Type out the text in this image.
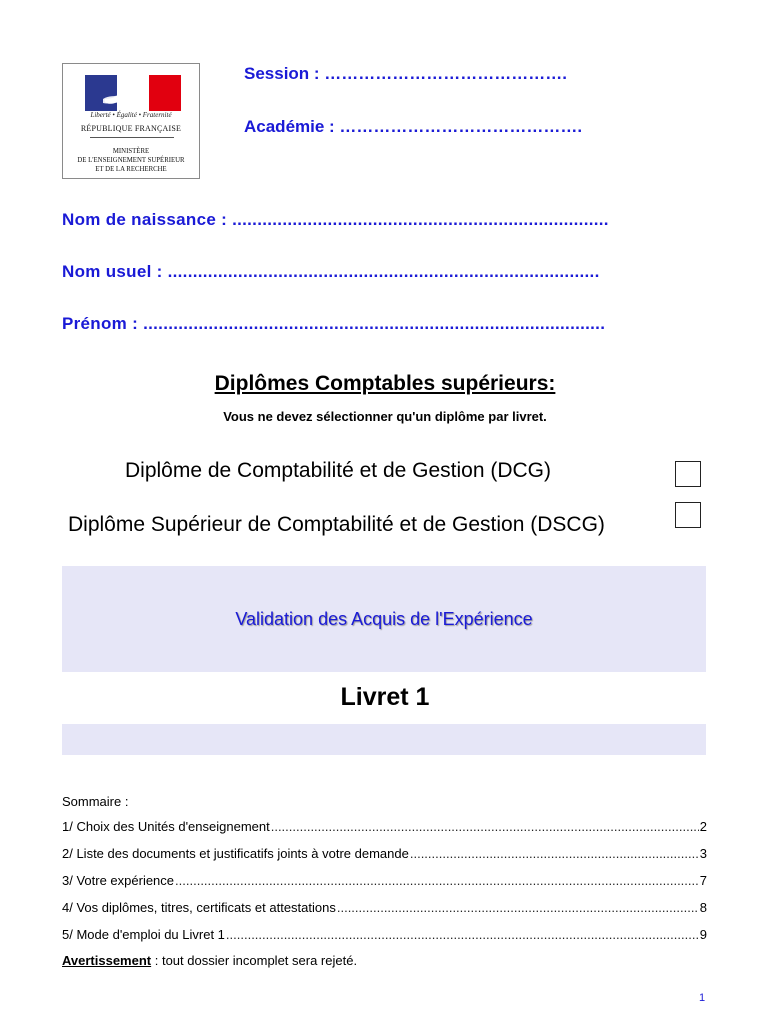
Liberté • Égalité • Fraternité
RÉPUBLIQUE FRANÇAISE
MINISTÈRE
DE L'ENSEIGNEMENT SUPÉRIEUR
ET DE LA RECHERCHE
Session : …………………………………….
Académie : …………………………………….
Nom de naissance : ...........................................................................
Nom usuel : ......................................................................................
Prénom : ............................................................................................
Diplômes Comptables supérieurs:
Vous ne devez sélectionner qu'un diplôme par livret.
Diplôme de Comptabilité et de Gestion (DCG)
Diplôme Supérieur de Comptabilité et de Gestion (DSCG)
Validation des Acquis de l'Expérience
Livret 1
Sommaire :
1/ Choix des Unités d'enseignement .....	2
2/ Liste des documents et justificatifs joints à votre demande .....	3
3/ Votre expérience .....	7
4/ Vos diplômes, titres, certificats et attestations .....	8
5/ Mode d'emploi du Livret 1 .....	9
Avertissement : tout dossier incomplet sera rejeté.
1
